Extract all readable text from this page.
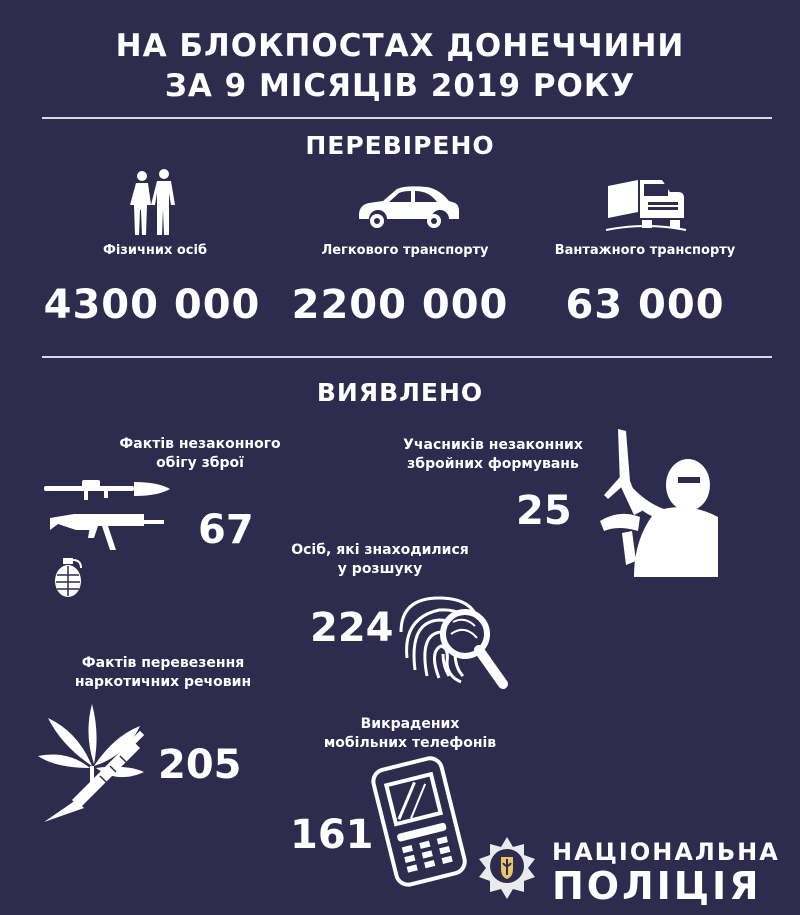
НА БЛОКПОСТАХ ДОНЕЧЧИНИ
ЗА 9 МІСЯЦІВ 2019 РОКУ
ПЕРЕВІРЕНО
Фізичних осіб
4300 000
Легкового транспорту
2200 000
Вантажного транспорту
63 000
ВИЯВЛЕНО
Фактів незаконного
обігу зброї
67
Учасників незаконних
збройних формувань
25
Осіб, які знаходилися
у розшуку
224
Фактів перевезення
наркотичних речовин
205
Викрадених
мобільних телефонів
161	НАЦІОНАЛЬНА
ПОЛІЦІЯ
